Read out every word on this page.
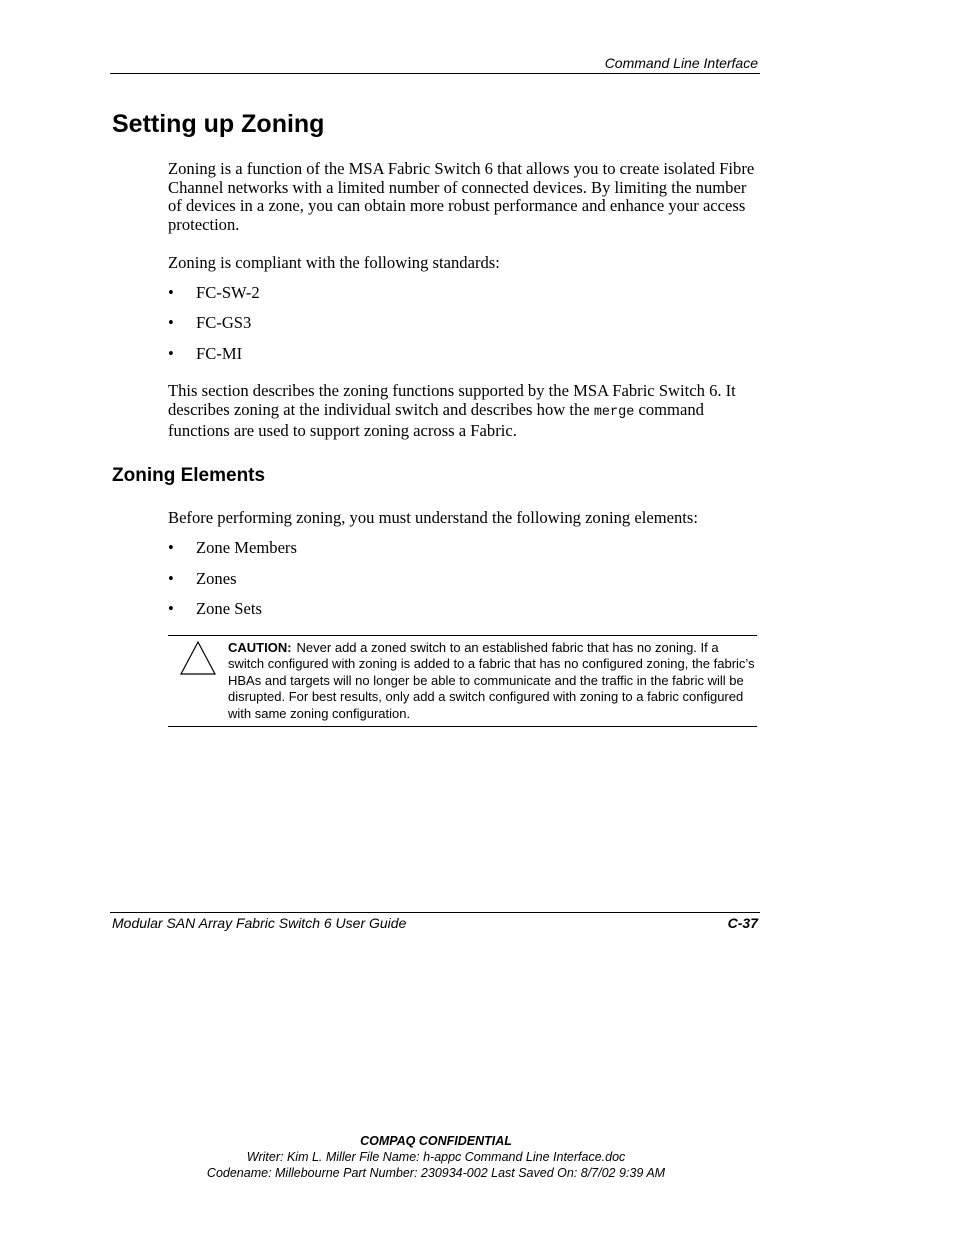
Command Line Interface
Setting up Zoning

Zoning is a function of the MSA Fabric Switch 6 that allows you to create isolated Fibre Channel networks with a limited number of connected devices. By limiting the number of devices in a zone, you can obtain more robust performance and enhance your access protection.

Zoning is compliant with the following standards:

• FC-SW-2
• FC-GS3
• FC-MI

This section describes the zoning functions supported by the MSA Fabric Switch 6. It describes zoning at the individual switch and describes how the merge command functions are used to support zoning across a Fabric.

Zoning Elements

Before performing zoning, you must understand the following zoning elements:

• Zone Members
• Zones
• Zone Sets

CAUTION: Never add a zoned switch to an established fabric that has no zoning. If a switch configured with zoning is added to a fabric that has no configured zoning, the fabric’s HBAs and targets will no longer be able to communicate and the traffic in the fabric will be disrupted. For best results, only add a switch configured with zoning to a fabric configured with same zoning configuration.

Modular SAN Array Fabric Switch 6 User Guide	C-37
COMPAQ CONFIDENTIAL
Writer: Kim L. Miller File Name: h-appc Command Line Interface.doc
Codename: Millebourne Part Number: 230934-002 Last Saved On: 8/7/02 9:39 AM
